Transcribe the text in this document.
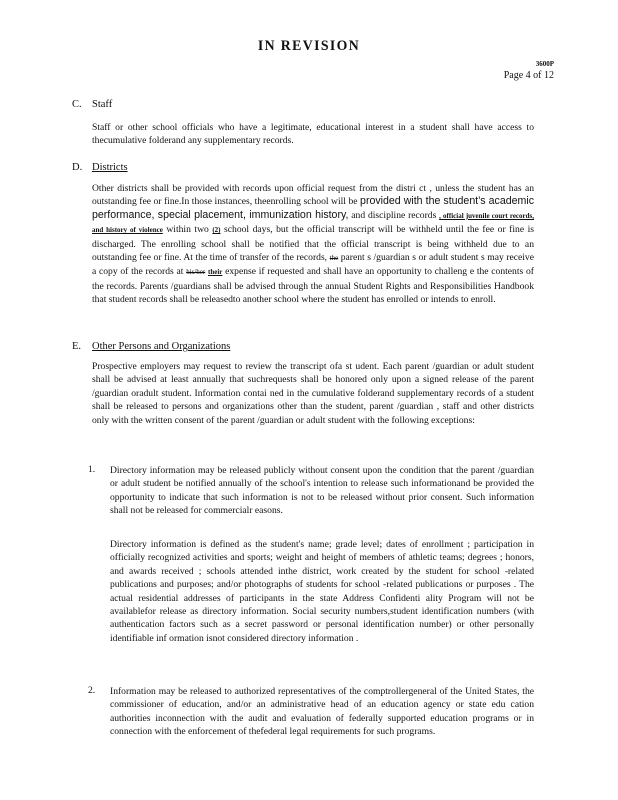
IN REVISION
3600P
Page 4 of 12
C. Staff

Staff or other school officials who have a legitimate, educational interest in a student shall have access to thecumulative folderand any supplementary records.

D. Districts

Other districts shall be provided with records upon official request from the distri ct , unless the student has an outstanding fee or fine.In those instances, theenrolling school will be provided with the student’s academic performance, special placement, immunization history, and discipline records , official juvenile court records, and history of violence within two (2) school days, but the official transcript will be withheld until the fee or fine is discharged. The enrolling school shall be notified that the official transcript is being withheld due to an outstanding fee or fine. At the time of transfer of the records, the parent s /guardian s or adult student s may receive a copy of the records at his/her their expense if requested and shall have an opportunity to challeng e the contents of the records. Parents /guardians shall be advised through the annual Student Rights and Responsibilities Handbook that student records shall be releasedto another school where the student has enrolled or intends to enroll.

E. Other Persons and Organizations

Prospective employers may request to review the transcript ofa st udent. Each parent /guardian or adult student shall be advised at least annually that suchrequests shall be honored only upon a signed release of the parent /guardian oradult student. Information contai ned in the cumulative folderand supplementary records of a student shall be released to persons and organizations other than the student, parent /guardian , staff and other districts only with the written consent of the parent /guardian or adult student with the following exceptions:

1. Directory information may be released publicly without consent upon the condition that the parent /guardian or adult student be notified annually of the school's intention to release such informationand be provided the opportunity to indicate that such information is not to be released without prior consent. Such information shall not be released for commercialr easons.

Directory information is defined as the student's name; grade level; dates of enrollment ; participation in officially recognized activities and sports; weight and height of members of athletic teams; degrees ; honors, and awards received ; schools attended inthe district, work created by the student for school -related publications and purposes; and/or photographs of students for school -related publications or purposes . The actual residential addresses of participants in the state Address Confidenti ality Program will not be availablefor release as directory information. Social security numbers,student identification numbers (with authentication factors such as a secret password or personal identification number) or other personally identifiable inf ormation isnot considered directory information .

2. Information may be released to authorized representatives of the comptrollergeneral of the United States, the commissioner of education, and/or an administrative head of an education agency or state edu cation authorities inconnection with the audit and evaluation of federally supported education programs or in connection with the enforcement of thefederal legal requirements for such programs.
